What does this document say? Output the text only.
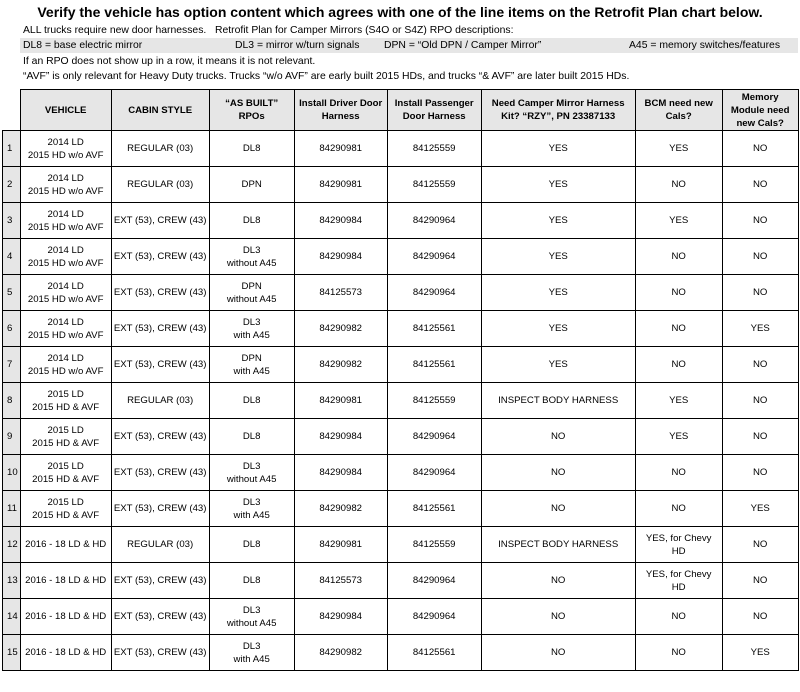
Verify the vehicle has option content which agrees with one of the line items on the Retrofit Plan chart below.
ALL trucks require new door harnesses. Retrofit Plan for Camper Mirrors (S4O or S4Z) RPO descriptions:
DL8 = base electric mirror	DL3 = mirror w/turn signals DPN = “Old DPN / Camper Mirror”	A45 = memory switches/features
If an RPO does not show up in a row, it means it is not relevant.
“AVF” is only relevant for Heavy Duty trucks. Trucks “w/o AVF” are early built 2015 HDs, and trucks “& AVF” are later built 2015 HDs.
	VEHICLE	CABIN STYLE	“AS BUILT” RPOs	Install Driver Door Harness	Install Passenger Door Harness	Need Camper Mirror Harness Kit? “RZY”, PN 23387133	BCM need new Cals?	Memory Module need new Cals?
1	2014 LD
2015 HD w/o AVF	REGULAR (03)	DL8	84290981	84125559	YES	YES	NO
2	2014 LD
2015 HD w/o AVF	REGULAR (03)	DPN	84290981	84125559	YES	NO	NO
3	2014 LD
2015 HD w/o AVF	EXT (53), CREW (43)	DL8	84290984	84290964	YES	YES	NO
4	2014 LD
2015 HD w/o AVF	EXT (53), CREW (43)	DL3
without A45	84290984	84290964	YES	NO	NO
5	2014 LD
2015 HD w/o AVF	EXT (53), CREW (43)	DPN
without A45	84125573	84290964	YES	NO	NO
6	2014 LD
2015 HD w/o AVF	EXT (53), CREW (43)	DL3
with A45	84290982	84125561	YES	NO	YES
7	2014 LD
2015 HD w/o AVF	EXT (53), CREW (43)	DPN
with A45	84290982	84125561	YES	NO	NO
8	2015 LD
2015 HD & AVF	REGULAR (03)	DL8	84290981	84125559	INSPECT BODY HARNESS	YES	NO
9	2015 LD
2015 HD & AVF	EXT (53), CREW (43)	DL8	84290984	84290964	NO	YES	NO
10	2015 LD
2015 HD & AVF	EXT (53), CREW (43)	DL3
without A45	84290984	84290964	NO	NO	NO
11	2015 LD
2015 HD & AVF	EXT (53), CREW (43)	DL3
with A45	84290982	84125561	NO	NO	YES
12	2016 - 18 LD & HD	REGULAR (03)	DL8	84290981	84125559	INSPECT BODY HARNESS	YES, for Chevy HD	NO
13	2016 - 18 LD & HD	EXT (53), CREW (43)	DL8	84125573	84290964	NO	YES, for Chevy HD	NO
14	2016 - 18 LD & HD	EXT (53), CREW (43)	DL3
without A45	84290984	84290964	NO	NO	NO
15	2016 - 18 LD & HD	EXT (53), CREW (43)	DL3
with A45	84290982	84125561	NO	NO	YES
